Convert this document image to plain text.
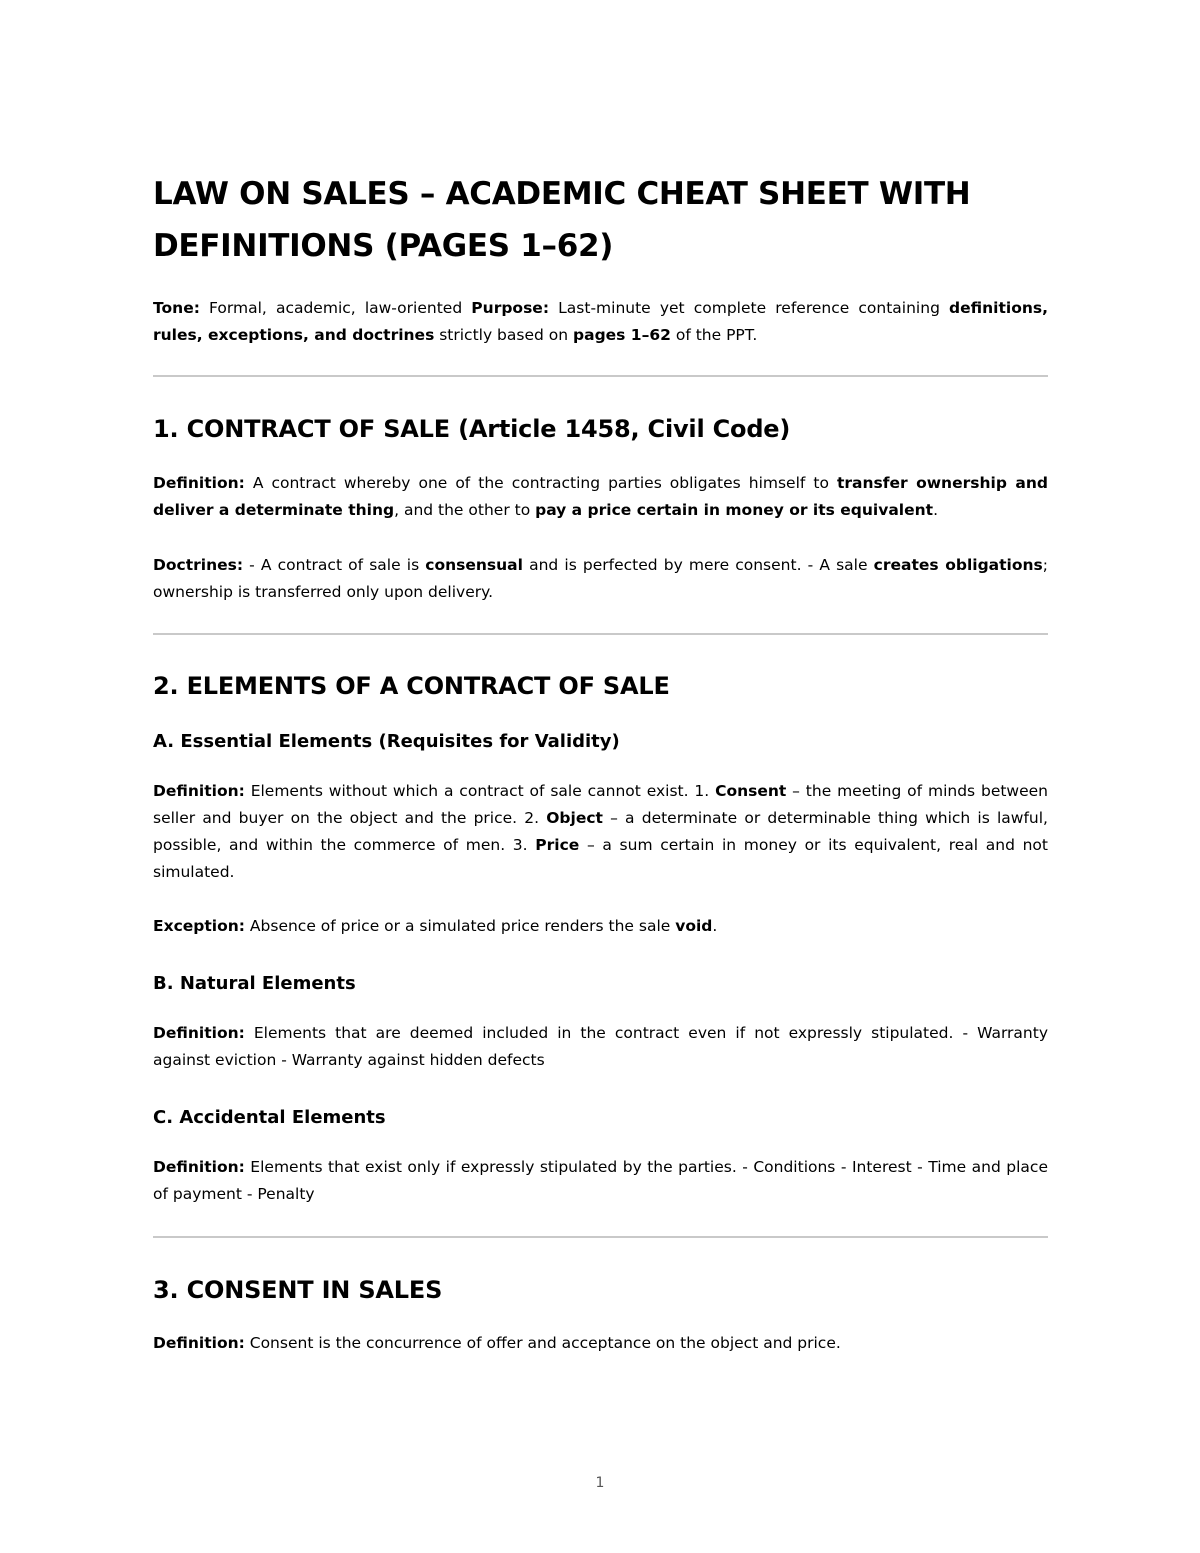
LAW ON SALES – ACADEMIC CHEAT SHEET WITH DEFINITIONS (PAGES 1–62)

Tone: Formal, academic, law-oriented Purpose: Last-minute yet complete reference containing definitions, rules, exceptions, and doctrines strictly based on pages 1–62 of the PPT.

1. CONTRACT OF SALE (Article 1458, Civil Code)

Definition: A contract whereby one of the contracting parties obligates himself to transfer ownership and deliver a determinate thing, and the other to pay a price certain in money or its equivalent.

Doctrines: - A contract of sale is consensual and is perfected by mere consent. - A sale creates obligations; ownership is transferred only upon delivery.

2. ELEMENTS OF A CONTRACT OF SALE
A. Essential Elements (Requisites for Validity)

Definition: Elements without which a contract of sale cannot exist. 1. Consent – the meeting of minds between seller and buyer on the object and the price. 2. Object – a determinate or determinable thing which is lawful, possible, and within the commerce of men. 3. Price – a sum certain in money or its equivalent, real and not simulated.

Exception: Absence of price or a simulated price renders the sale void.

B. Natural Elements

Definition: Elements that are deemed included in the contract even if not expressly stipulated. - Warranty against eviction - Warranty against hidden defects

C. Accidental Elements

Definition: Elements that exist only if expressly stipulated by the parties. - Conditions - Interest - Time and place of payment - Penalty

3. CONSENT IN SALES

Definition: Consent is the concurrence of offer and acceptance on the object and price.

1
